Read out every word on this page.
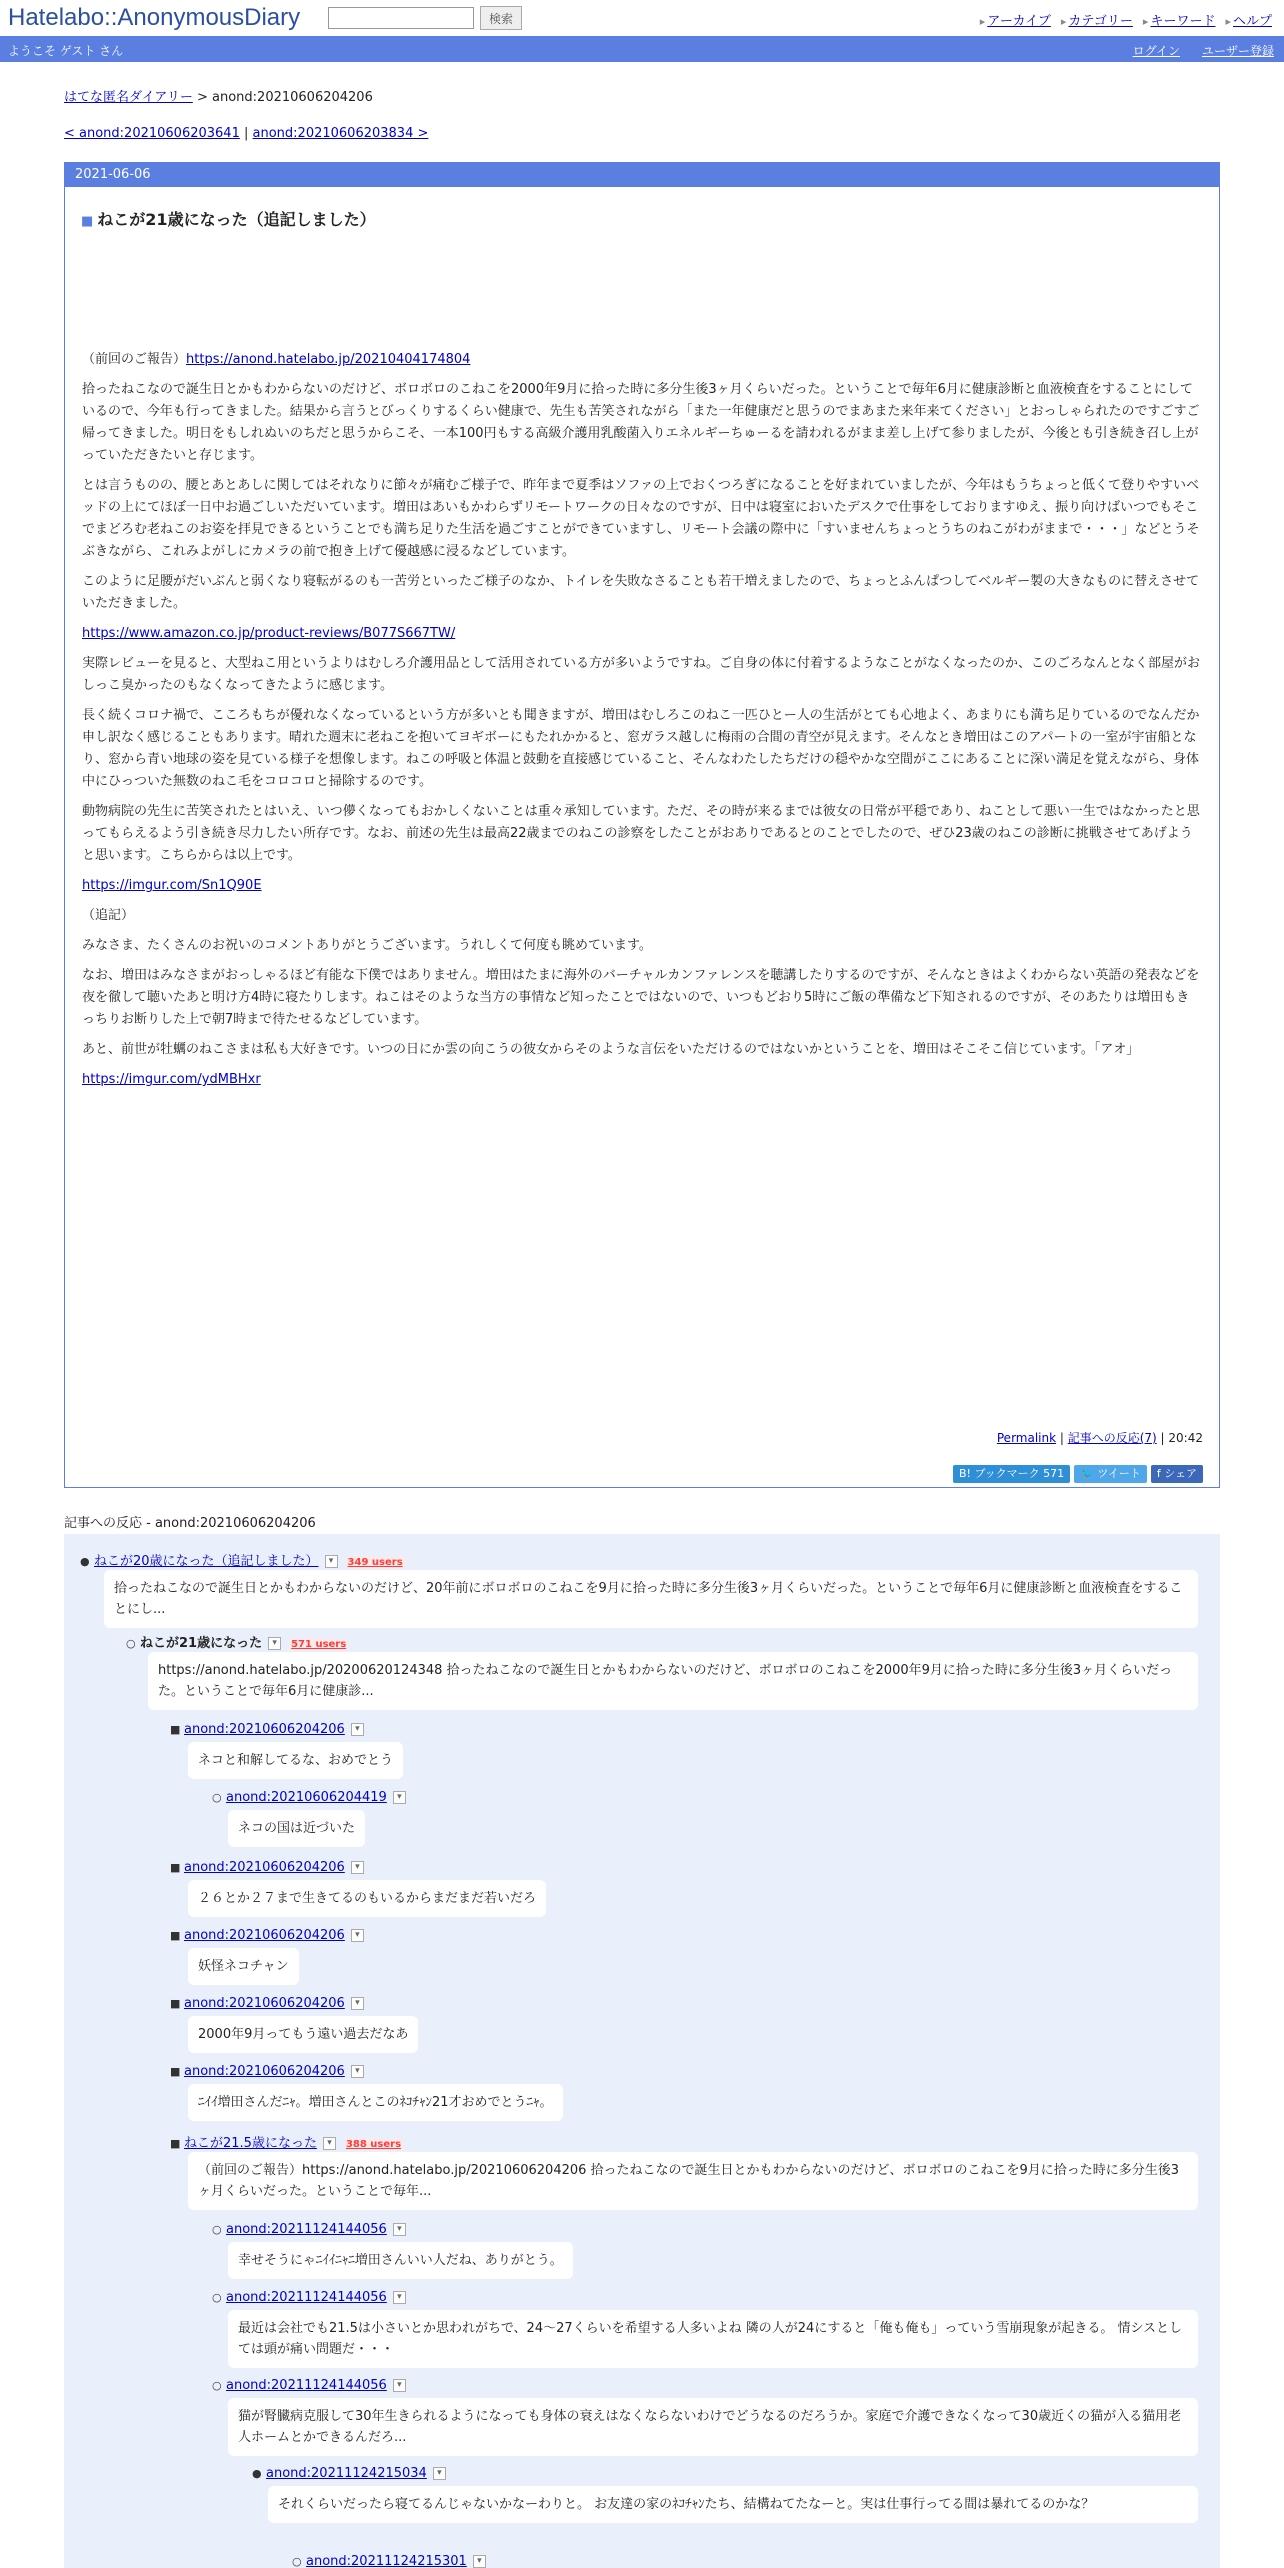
Hatelabo::AnonymousDiary	検索	▸ アーカイブ ▸ カテゴリー ▸ キーワード ▸ ヘルプ
ようこそ ゲスト さん	ログイン ユーザー登録
はてな匿名ダイアリー > anond:20210606204206
< anond:20210606203641 | anond:20210606203834 >
2021-06-06
■ ねこが21歳になった（追記しました）

（前回のご報告）https://anond.hatelabo.jp/20210404174804

拾ったねこなので誕生日とかもわからないのだけど、ボロボロのこねこを2000年9月に拾った時に多分生後3ヶ月くらいだった。ということで毎年6月に健康診断と血液検査をすることにしているので、今年も行ってきました。結果から言うとびっくりするくらい健康で、先生も苦笑されながら「また一年健康だと思うのでまあまた来年来てください」とおっしゃられたのですごすご帰ってきました。明日をもしれぬいのちだと思うからこそ、一本100円もする高級介護用乳酸菌入りエネルギーちゅーるを請われるがまま差し上げて参りましたが、今後とも引き続き召し上がっていただきたいと存じます。

とは言うものの、腰とあとあしに関してはそれなりに節々が痛むご様子で、昨年まで夏季はソファの上でおくつろぎになることを好まれていましたが、今年はもうちょっと低くて登りやすいベッドの上にてほぼ一日中お過ごしいただいています。増田はあいもかわらずリモートワークの日々なのですが、日中は寝室においたデスクで仕事をしておりますゆえ、振り向けばいつでもそこでまどろむ老ねこのお姿を拝見できるということでも満ち足りた生活を過ごすことができていますし、リモート会議の際中に「すいませんちょっとうちのねこがわがままで・・・」などとうそぶきながら、これみよがしにカメラの前で抱き上げて優越感に浸るなどしています。

このように足腰がだいぶんと弱くなり寝転がるのも一苦労といったご様子のなか、トイレを失敗なさることも若干増えましたので、ちょっとふんぱつしてベルギー製の大きなものに替えさせていただきました。

https://www.amazon.co.jp/product-reviews/B077S667TW/

実際レビューを見ると、大型ねこ用というよりはむしろ介護用品として活用されている方が多いようですね。ご自身の体に付着するようなことがなくなったのか、このごろなんとなく部屋がおしっこ臭かったのもなくなってきたように感じます。

長く続くコロナ禍で、こころもちが優れなくなっているという方が多いとも聞きますが、増田はむしろこのねこ一匹ひとー人の生活がとても心地よく、あまりにも満ち足りているのでなんだか申し訳なく感じることもあります。晴れた週末に老ねこを抱いてヨギボーにもたれかかると、窓ガラス越しに梅雨の合間の青空が見えます。そんなとき増田はこのアパートの一室が宇宙船となり、窓から青い地球の姿を見ている様子を想像します。ねこの呼吸と体温と鼓動を直接感じていること、そんなわたしたちだけの穏やかな空間がここにあることに深い満足を覚えながら、身体中にひっついた無数のねこ毛をコロコロと掃除するのです。

動物病院の先生に苦笑されたとはいえ、いつ儚くなってもおかしくないことは重々承知しています。ただ、その時が来るまでは彼女の日常が平穏であり、ねことして悪い一生ではなかったと思ってもらえるよう引き続き尽力したい所存です。なお、前述の先生は最高22歳までのねこの診察をしたことがおありであるとのことでしたので、ぜひ23歳のねこの診断に挑戦させてあげようと思います。こちらからは以上です。

https://imgur.com/Sn1Q90E

（追記）

みなさま、たくさんのお祝いのコメントありがとうございます。うれしくて何度も眺めています。

なお、増田はみなさまがおっしゃるほど有能な下僕ではありません。増田はたまに海外のバーチャルカンファレンスを聴講したりするのですが、そんなときはよくわからない英語の発表などを夜を徹して聴いたあと明け方4時に寝たりします。ねこはそのような当方の事情など知ったことではないので、いつもどおり5時にご飯の準備など下知されるのですが、そのあたりは増田もきっちりお断りした上で朝7時まで待たせるなどしています。

あと、前世が牡蠣のねこさまは私も大好きです。いつの日にか雲の向こうの彼女からそのような言伝をいただけるのではないかということを、増田はそこそこ信じています。「アオ」

https://imgur.com/ydMBHxr

Permalink | 記事への反応(7) | 20:42
B! ブックマーク 571 🐦 ツイート f シェア
記事への反応 - anond:20210606204206
● ねこが20歳になった（追記しました） ▾ 349 users
拾ったねこなので誕生日とかもわからないのだけど、20年前にボロボロのこねこを9月に拾った時に多分生後3ヶ月くらいだった。ということで毎年6月に健康診断と血液検査をすることにし...
○ ねこが21歳になった ▾ 571 users
https://anond.hatelabo.jp/20200620124348 拾ったねこなので誕生日とかもわからないのだけど、ボロボロのこねこを2000年9月に拾った時に多分生後3ヶ月くらいだった。ということで毎年6月に健康診...
■ anond:20210606204206 ▾
ネコと和解してるな、おめでとう
○ anond:20210606204419 ▾
ネコの国は近づいた
■ anond:20210606204206 ▾
２６とか２７まで生きてるのもいるからまだまだ若いだろ
■ anond:20210606204206 ▾
妖怪ネコチャン
■ anond:20210606204206 ▾
2000年9月ってもう遠い過去だなあ
■ anond:20210606204206 ▾
ﾆｲｲ増田さんだﾆｬ。増田さんとこのﾈｺﾁｬﾝ21才おめでとうﾆｬ。
■ ねこが21.5歳になった ▾ 388 users
（前回のご報告）https://anond.hatelabo.jp/20210606204206 拾ったねこなので誕生日とかもわからないのだけど、ボロボロのこねこを9月に拾った時に多分生後3ヶ月くらいだった。ということで毎年...
○ anond:20211124144056 ▾
幸せそうにゃﾆｲｲﾆｬﾆ増田さんいい人だね、ありがとう。
○ anond:20211124144056 ▾
最近は会社でも21.5は小さいとか思われがちで、24～27くらいを希望する人多いよね 隣の人が24にすると「俺も俺も」っていう雪崩現象が起きる。 情シスとしては頭が痛い問題だ・・・
○ anond:20211124144056 ▾
猫が腎臓病克服して30年生きられるようになっても身体の衰えはなくならないわけでどうなるのだろうか。家庭で介護できなくなって30歳近くの猫が入る猫用老人ホームとかできるんだろ...
● anond:20211124215034 ▾
それくらいだったら寝てるんじゃないかなーわりと。 お友達の家のﾈｺﾁｬﾝたち、結構ねてたなーと。実は仕事行ってる間は暴れてるのかな？
○ anond:20211124215301 ▾
